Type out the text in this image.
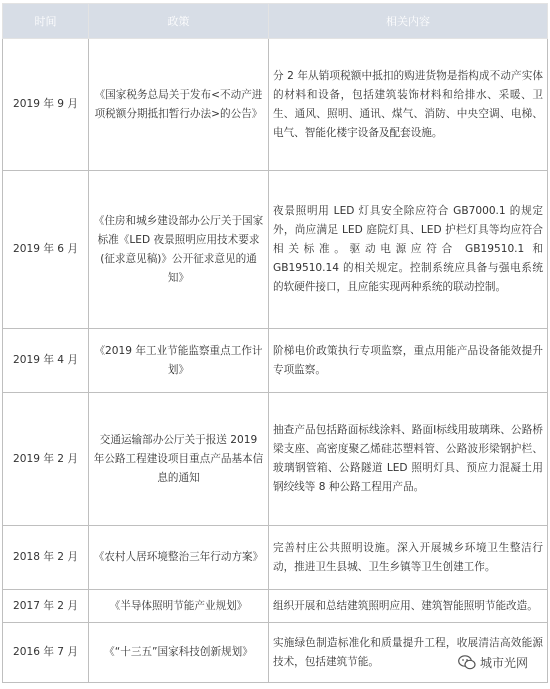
时间	政策	相关内容
2019 年 9 月	《国家税务总局关于发布<不动产进项税额分期抵扣暂行办法>的公告》	分 2 年从销项税额中抵扣的购进货物是指构成不动产实体的材料和设备，包括建筑装饰材料和给排水、采暖、卫生、通风、照明、通讯、煤气、消防、中央空调、电梯、电气、智能化楼宇设备及配套设施。
2019 年 6 月	《住房和城乡建设部办公厅关于国家标准《LED 夜景照明应用技术要求(征求意见稿)》公开征求意见的通知》	夜景照明用 LED 灯具安全除应符合 GB7000.1 的规定外，尚应满足 LED 庭院灯具、LED 护栏灯具等均应符合相关标准。驱动电源应符合 GB19510.1 和 GB19510.14 的相关规定。控制系统应具备与强电系统的软硬件接口，且应能实现两种系统的联动控制。
2019 年 4 月	《2019 年工业节能监察重点工作计划》	阶梯电价政策执行专项监察，重点用能产品设备能效提升专项监察。
2019 年 2 月	交通运输部办公厅关于报送 2019 年公路工程建设项目重点产品基本信息的通知	抽查产品包括路面标线涂料、路面Ⅰ标线用玻璃珠、公路桥梁支座、高密度聚乙烯硅芯塑料管、公路波形梁钢护栏、玻璃钢管箱、公路隧道 LED 照明灯具、预应力混凝土用钢绞线等 8 种公路工程用产品。
2018 年 2 月	《农村人居环境整治三年行动方案》	完善村庄公共照明设施。深入开展城乡环境卫生整洁行动，推进卫生县城、卫生乡镇等卫生创建工作。
2017 年 2 月	《半导体照明节能产业规划》	组织开展和总结建筑照明应用、建筑智能照明节能改造。
2016 年 7 月	《“十三五”国家科技创新规划》	实施绿色制造标准化和质量提升工程，收展清洁高效能源技术，包括建筑节能。	城市光网
